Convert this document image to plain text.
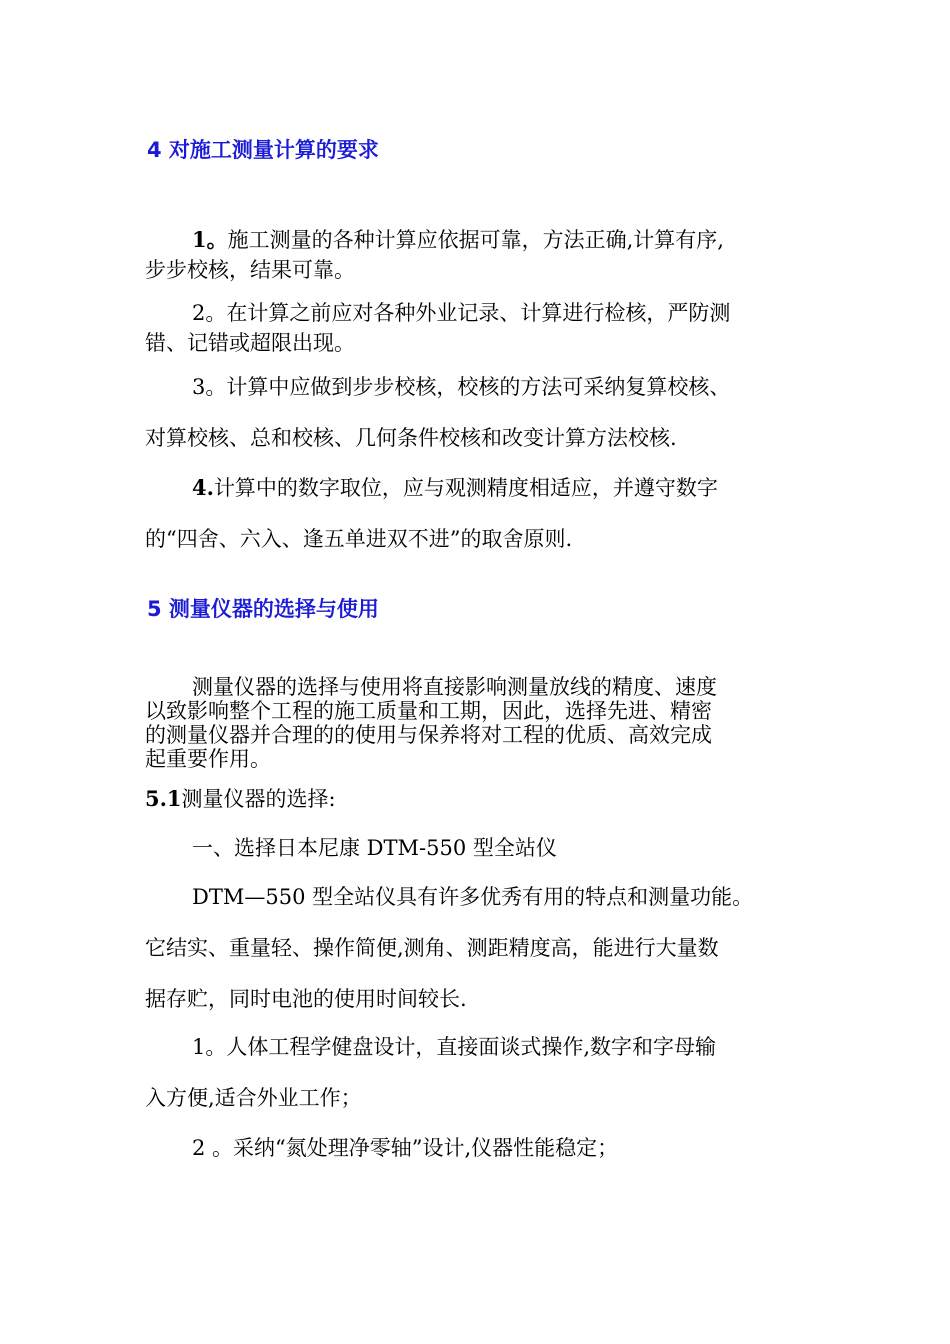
4 对施工测量计算的要求
1。施工测量的各种计算应依据可靠，方法正确,计算有序,
步步校核，结果可靠。
2。在计算之前应对各种外业记录、计算进行检核，严防测
错、记错或超限出现。
3。计算中应做到步步校核，校核的方法可采纳复算校核、
对算校核、总和校核、几何条件校核和改变计算方法校核.
4.计算中的数字取位，应与观测精度相适应，并遵守数字
的“四舍、六入、逢五单进双不进”的取舍原则.
5 测量仪器的选择与使用
测量仪器的选择与使用将直接影响测量放线的精度、速度
以致影响整个工程的施工质量和工期，因此，选择先进、精密
的测量仪器并合理的的使用与保养将对工程的优质、高效完成
起重要作用。
5.1测量仪器的选择:
一、选择日本尼康 DTM-550 型全站仪
DTM—550 型全站仪具有许多优秀有用的特点和测量功能。
它结实、重量轻、操作简便,测角、测距精度高，能进行大量数
据存贮，同时电池的使用时间较长.
1。人体工程学健盘设计，直接面谈式操作,数字和字母输
入方便,适合外业工作；
2 。采纳“氮处理净零轴”设计,仪器性能稳定；
